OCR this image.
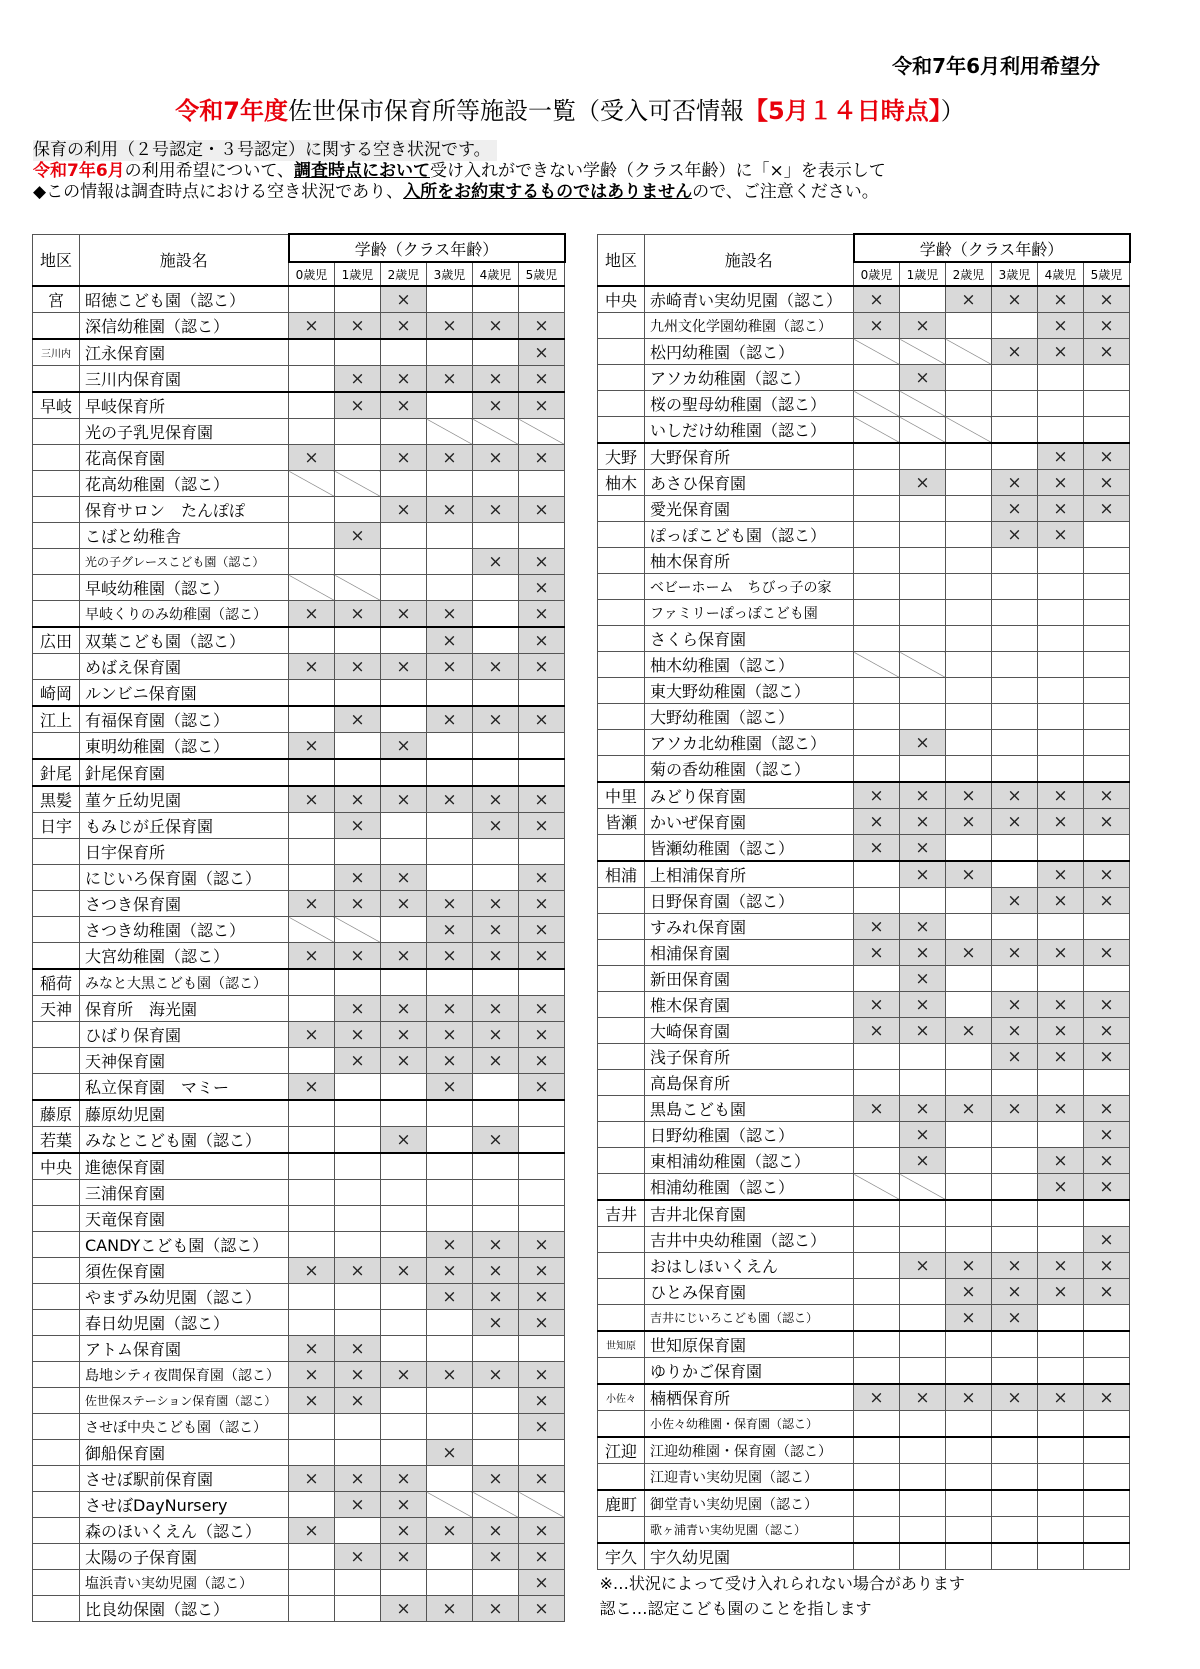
令和7年6月利用希望分
令和7年度佐世保市保育所等施設一覧（受入可否情報【5月１４日時点】）
保育の利用（２号認定・３号認定）に関する空き状況です。
令和7年6月の利用希望について、調査時点において受け入れができない学齢（クラス年齢）に「×」を表示して
◆この情報は調査時点における空き状況であり、入所をお約束するものではありませんので、ご注意ください。
地区	施設名	学齢（クラス年齢）					
		0歳児	1歳児	2歳児	3歳児	4歳児	5歳児
宮	昭徳こども園（認こ）			×			
	深信幼稚園（認こ）	×	×	×	×	×	×
三川内	江永保育園						×
	三川内保育園		×	×	×	×	×
早岐	早岐保育所		×	×		×	×
	光の子乳児保育園						
	花高保育園	×		×	×	×	×
	花高幼稚園（認こ）						
	保育サロン　たんぽぽ			×	×	×	×
	こばと幼稚舎		×				
	光の子グレースこども園（認こ）					×	×
	早岐幼稚園（認こ）						×
	早岐くりのみ幼稚園（認こ）	×	×	×	×		×
広田	双葉こども園（認こ）				×		×
	めばえ保育園	×	×	×	×	×	×
崎岡	ルンビニ保育園						
江上	有福保育園（認こ）		×		×	×	×
	東明幼稚園（認こ）	×		×			
針尾	針尾保育園						
黒髪	菫ケ丘幼児園	×	×	×	×	×	×
日宇	もみじが丘保育園		×			×	×
	日宇保育所						
	にじいろ保育園（認こ）		×	×			×
	さつき保育園	×	×	×	×	×	×
	さつき幼稚園（認こ）				×	×	×
	大宮幼稚園（認こ）	×	×	×	×	×	×
稲荷	みなと大黒こども園（認こ）						
天神	保育所　海光園		×	×	×	×	×
	ひばり保育園	×	×	×	×	×	×
	天神保育園		×	×	×	×	×
	私立保育園　マミー	×			×		×
藤原	藤原幼児園						
若葉	みなとこども園（認こ）			×		×	
中央	進徳保育園						
	三浦保育園						
	天竜保育園						
	CANDYこども園（認こ）				×	×	×
	須佐保育園	×	×	×	×	×	×
	やまずみ幼児園（認こ）				×	×	×
	春日幼児園（認こ）					×	×
	アトム保育園	×	×				
	島地シティ夜間保育園（認こ）	×	×	×	×	×	×
	佐世保ステーション保育園（認こ）	×	×				×
	させぼ中央こども園（認こ）						×
	御船保育園				×		
	させぼ駅前保育園	×	×	×		×	×
	させぼDayNursery		×	×			
	森のほいくえん（認こ）	×		×	×	×	×
	太陽の子保育園		×	×		×	×
	塩浜青い実幼児園（認こ）						×
	比良幼保園（認こ）			×	×	×	×
地区	施設名	学齢（クラス年齢）					
		0歳児	1歳児	2歳児	3歳児	4歳児	5歳児
中央	赤崎青い実幼児園（認こ）	×		×	×	×	×
	九州文化学園幼稚園（認こ）	×	×			×	×
	松円幼稚園（認こ）				×	×	×
	アソカ幼稚園（認こ）		×				
	桜の聖母幼稚園（認こ）						
	いしだけ幼稚園（認こ）						
大野	大野保育所					×	×
柚木	あさひ保育園		×		×	×	×
	愛光保育園				×	×	×
	ぽっぽこども園（認こ）				×	×	
	柚木保育所						
	ベビーホーム　ちびっ子の家						
	ファミリーぽっぽこども園						
	さくら保育園						
	柚木幼稚園（認こ）						
	東大野幼稚園（認こ）						
	大野幼稚園（認こ）						
	アソカ北幼稚園（認こ）		×				
	菊の香幼稚園（認こ）						
中里	みどり保育園	×	×	×	×	×	×
皆瀬	かいぜ保育園	×	×	×	×	×	×
	皆瀬幼稚園（認こ）	×	×				
相浦	上相浦保育所		×	×		×	×
	日野保育園（認こ）				×	×	×
	すみれ保育園	×	×				
	相浦保育園	×	×	×	×	×	×
	新田保育園		×				
	椎木保育園	×	×		×	×	×
	大崎保育園	×	×	×	×	×	×
	浅子保育所				×	×	×
	高島保育所						
	黒島こども園	×	×	×	×	×	×
	日野幼稚園（認こ）		×				×
	東相浦幼稚園（認こ）		×			×	×
	相浦幼稚園（認こ）					×	×
吉井	吉井北保育園						
	吉井中央幼稚園（認こ）						×
	おはしほいくえん		×	×	×	×	×
	ひとみ保育園			×	×	×	×
	吉井にじいろこども園（認こ）			×	×		
世知原	世知原保育園						
	ゆりかご保育園						
小佐々	楠栖保育所	×	×	×	×	×	×
	小佐々幼稚園・保育園（認こ）						
江迎	江迎幼稚園・保育園（認こ）						
	江迎青い実幼児園（認こ）						
鹿町	御堂青い実幼児園（認こ）						
	歌ヶ浦青い実幼児園（認こ）						
宇久	宇久幼児園						
※…状況によって受け入れられない場合があります							
認こ…認定こども園のことを指します							
